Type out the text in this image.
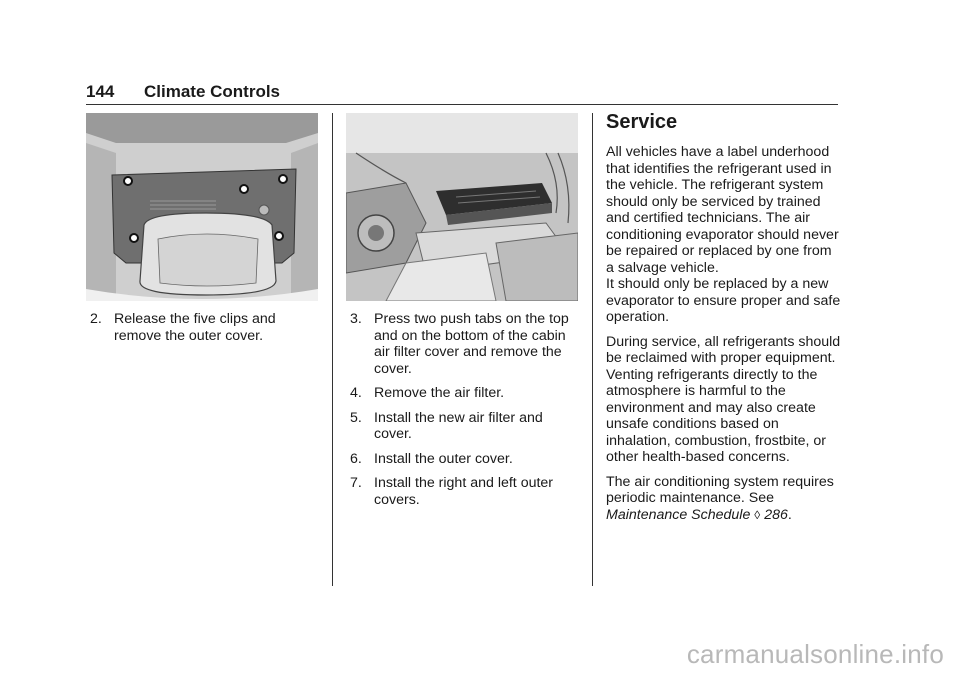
144 Climate Controls
2. Release the five clips and remove the outer cover.
3. Press two push tabs on the top and on the bottom of the cabin air filter cover and remove the cover.
4. Remove the air filter.
5. Install the new air filter and cover.
6. Install the outer cover.
7. Install the right and left outer covers.
Service

All vehicles have a label underhood that identifies the refrigerant used in the vehicle. The refrigerant system should only be serviced by trained and certified technicians. The air conditioning evaporator should never be repaired or replaced by one from a salvage vehicle.

It should only be replaced by a new evaporator to ensure proper and safe operation.

During service, all refrigerants should be reclaimed with proper equipment. Venting refrigerants directly to the atmosphere is harmful to the environment and may also create unsafe conditions based on inhalation, combustion, frostbite, or other health-based concerns.

The air conditioning system requires periodic maintenance. See Maintenance Schedule ◊ 286.

carmanualsonline.info
